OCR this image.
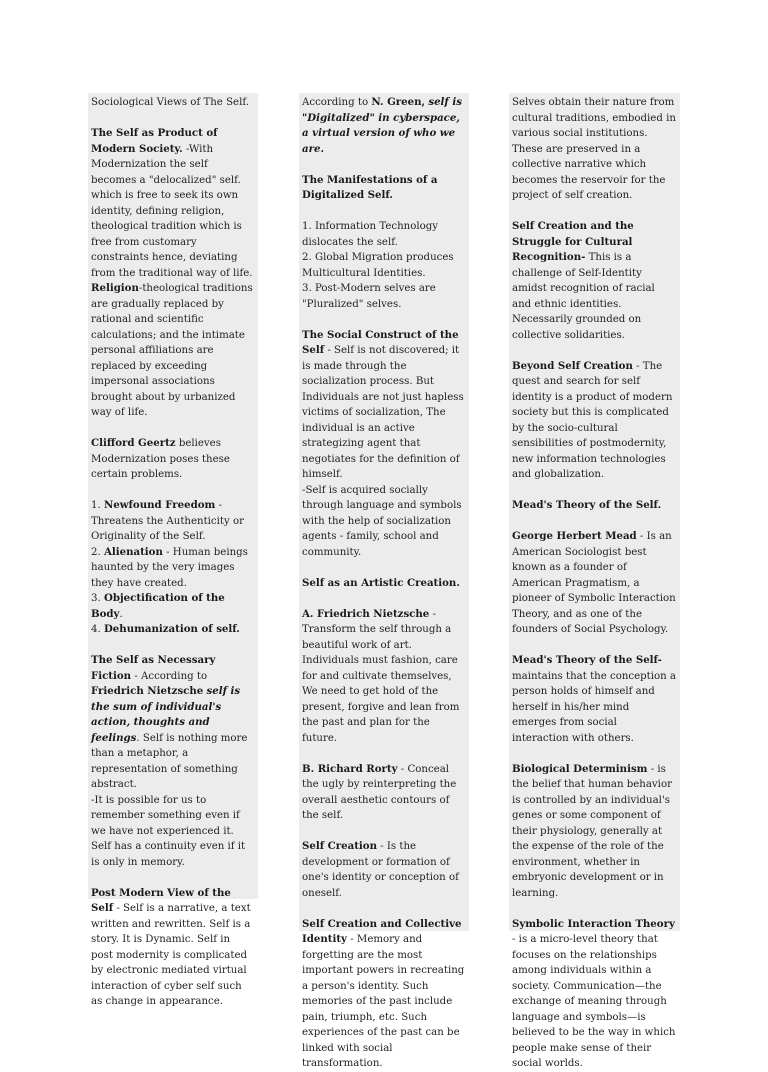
Sociological Views of The Self.

The Self as Product of Modern Society. -With Modernization the self becomes a "delocalized" self. which is free to seek its own identity, defining religion, theological tradition which is free from customary constraints hence, deviating from the traditional way of life.

Religion-theological traditions are gradually replaced by rational and scientific calculations; and the intimate personal affiliations are replaced by exceeding impersonal associations brought about by urbanized way of life.

Clifford Geertz believes Modernization poses these certain problems.

1. Newfound Freedom - Threatens the Authenticity or Originality of the Self.

2. Alienation - Human beings haunted by the very images they have created.

3. Objectification of the Body.

4. Dehumanization of self.

The Self as Necessary Fiction - According to Friedrich Nietzsche self is the sum of individual's action, thoughts and feelings. Self is nothing more than a metaphor, a representation of something abstract.

-It is possible for us to remember something even if we have not experienced it. Self has a continuity even if it is only in memory.

Post Modern View of the Self - Self is a narrative, a text written and rewritten. Self is a story. It is Dynamic. Self in post modernity is complicated by electronic mediated virtual interaction of cyber self such as change in appearance.

According to N. Green, self is "Digitalized" in cyberspace, a virtual version of who we are.

The Manifestations of a Digitalized Self.

1. Information Technology dislocates the self.

2. Global Migration produces Multicultural Identities.

3. Post-Modern selves are "Pluralized" selves.

The Social Construct of the Self - Self is not discovered; it is made through the socialization process. But Individuals are not just hapless victims of socialization, The individual is an active strategizing agent that negotiates for the definition of himself.

-Self is acquired socially through language and symbols with the help of socialization agents - family, school and community.

Self as an Artistic Creation.

A. Friedrich Nietzsche - Transform the self through a beautiful work of art. Individuals must fashion, care for and cultivate themselves, We need to get hold of the present, forgive and lean from the past and plan for the future.

B. Richard Rorty - Conceal the ugly by reinterpreting the overall aesthetic contours of the self.

Self Creation - Is the development or formation of one's identity or conception of oneself.

Self Creation and Collective Identity - Memory and forgetting are the most important powers in recreating a person's identity. Such memories of the past include pain, triumph, etc. Such experiences of the past can be linked with social transformation.

Selves obtain their nature from cultural traditions, embodied in various social institutions. These are preserved in a collective narrative which becomes the reservoir for the project of self creation.

Self Creation and the Struggle for Cultural Recognition- This is a challenge of Self-Identity amidst recognition of racial and ethnic identities. Necessarily grounded on collective solidarities.

Beyond Self Creation - The quest and search for self identity is a product of modern society but this is complicated by the socio-cultural sensibilities of postmodernity, new information technologies and globalization.

Mead's Theory of the Self.

George Herbert Mead - Is an American Sociologist best known as a founder of American Pragmatism, a pioneer of Symbolic Interaction Theory, and as one of the founders of Social Psychology.

Mead's Theory of the Self- maintains that the conception a person holds of himself and herself in his/her mind emerges from social interaction with others.

Biological Determinism - is the belief that human behavior is controlled by an individual's genes or some component of their physiology, generally at the expense of the role of the environment, whether in embryonic development or in learning.

Symbolic Interaction Theory - is a micro-level theory that focuses on the relationships among individuals within a society. Communication—the exchange of meaning through language and symbols—is believed to be the way in which people make sense of their social worlds.
